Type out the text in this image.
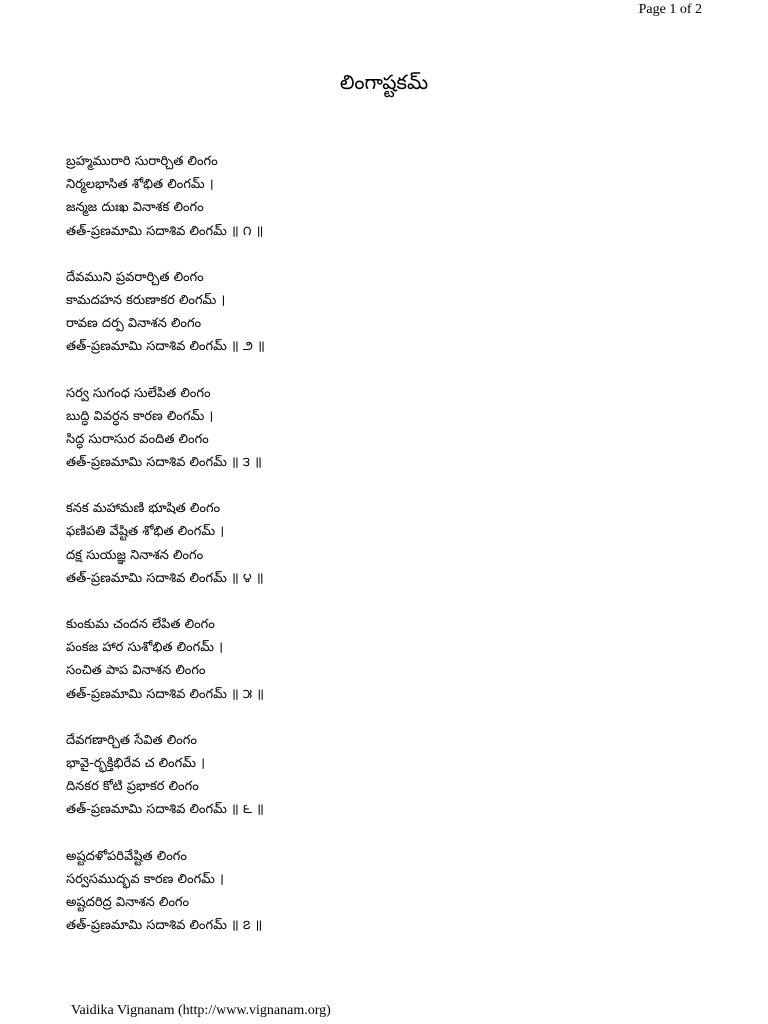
Page 1 of 2
లింగాష్టకమ్
బ్రహ్మమురారి సురార్చిత లింగం
నిర్మలభాసిత శోభిత లింగమ్ ।
జన్మజ దుఃఖ వినాశక లింగం
తత్-ప్రణమామి సదాశివ లింగమ్ ॥ ౧ ॥
దేవముని ప్రవరార్చిత లింగం
కామదహన కరుణాకర లింగమ్ ।
రావణ దర్ప వినాశన లింగం
తత్-ప్రణమామి సదాశివ లింగమ్ ॥ ౨ ॥
సర్వ సుగంధ సులేపిత లింగం
బుద్ధి వివర్ధన కారణ లింగమ్ ।
సిద్ధ సురాసుర వందిత లింగం
తత్-ప్రణమామి సదాశివ లింగమ్ ॥ ౩ ॥
కనక మహామణి భూషిత లింగం
ఫణిపతి వేష్టిత శోభిత లింగమ్ ।
దక్ష సుయజ్ఞ నినాశన లింగం
తత్-ప్రణమామి సదాశివ లింగమ్ ॥ ౪ ॥
కుంకుమ చందన లేపిత లింగం
పంకజ హార సుశోభిత లింగమ్ ।
సంచిత పాప వినాశన లింగం
తత్-ప్రణమామి సదాశివ లింగమ్ ॥ ౫ ॥
దేవగణార్చిత సేవిత లింగం
భావై-ర్భక్తిభిరేవ చ లింగమ్ ।
దినకర కోటి ప్రభాకర లింగం
తత్-ప్రణమామి సదాశివ లింగమ్ ॥ ౬ ॥
అష్టదళోపరివేష్టిత లింగం
సర్వసముద్భవ కారణ లింగమ్ ।
అష్టదరిద్ర వినాశన లింగం
తత్-ప్రణమామి సదాశివ లింగమ్ ॥ ౭ ॥
Vaidika Vignanam (http://www.vignanam.org)
